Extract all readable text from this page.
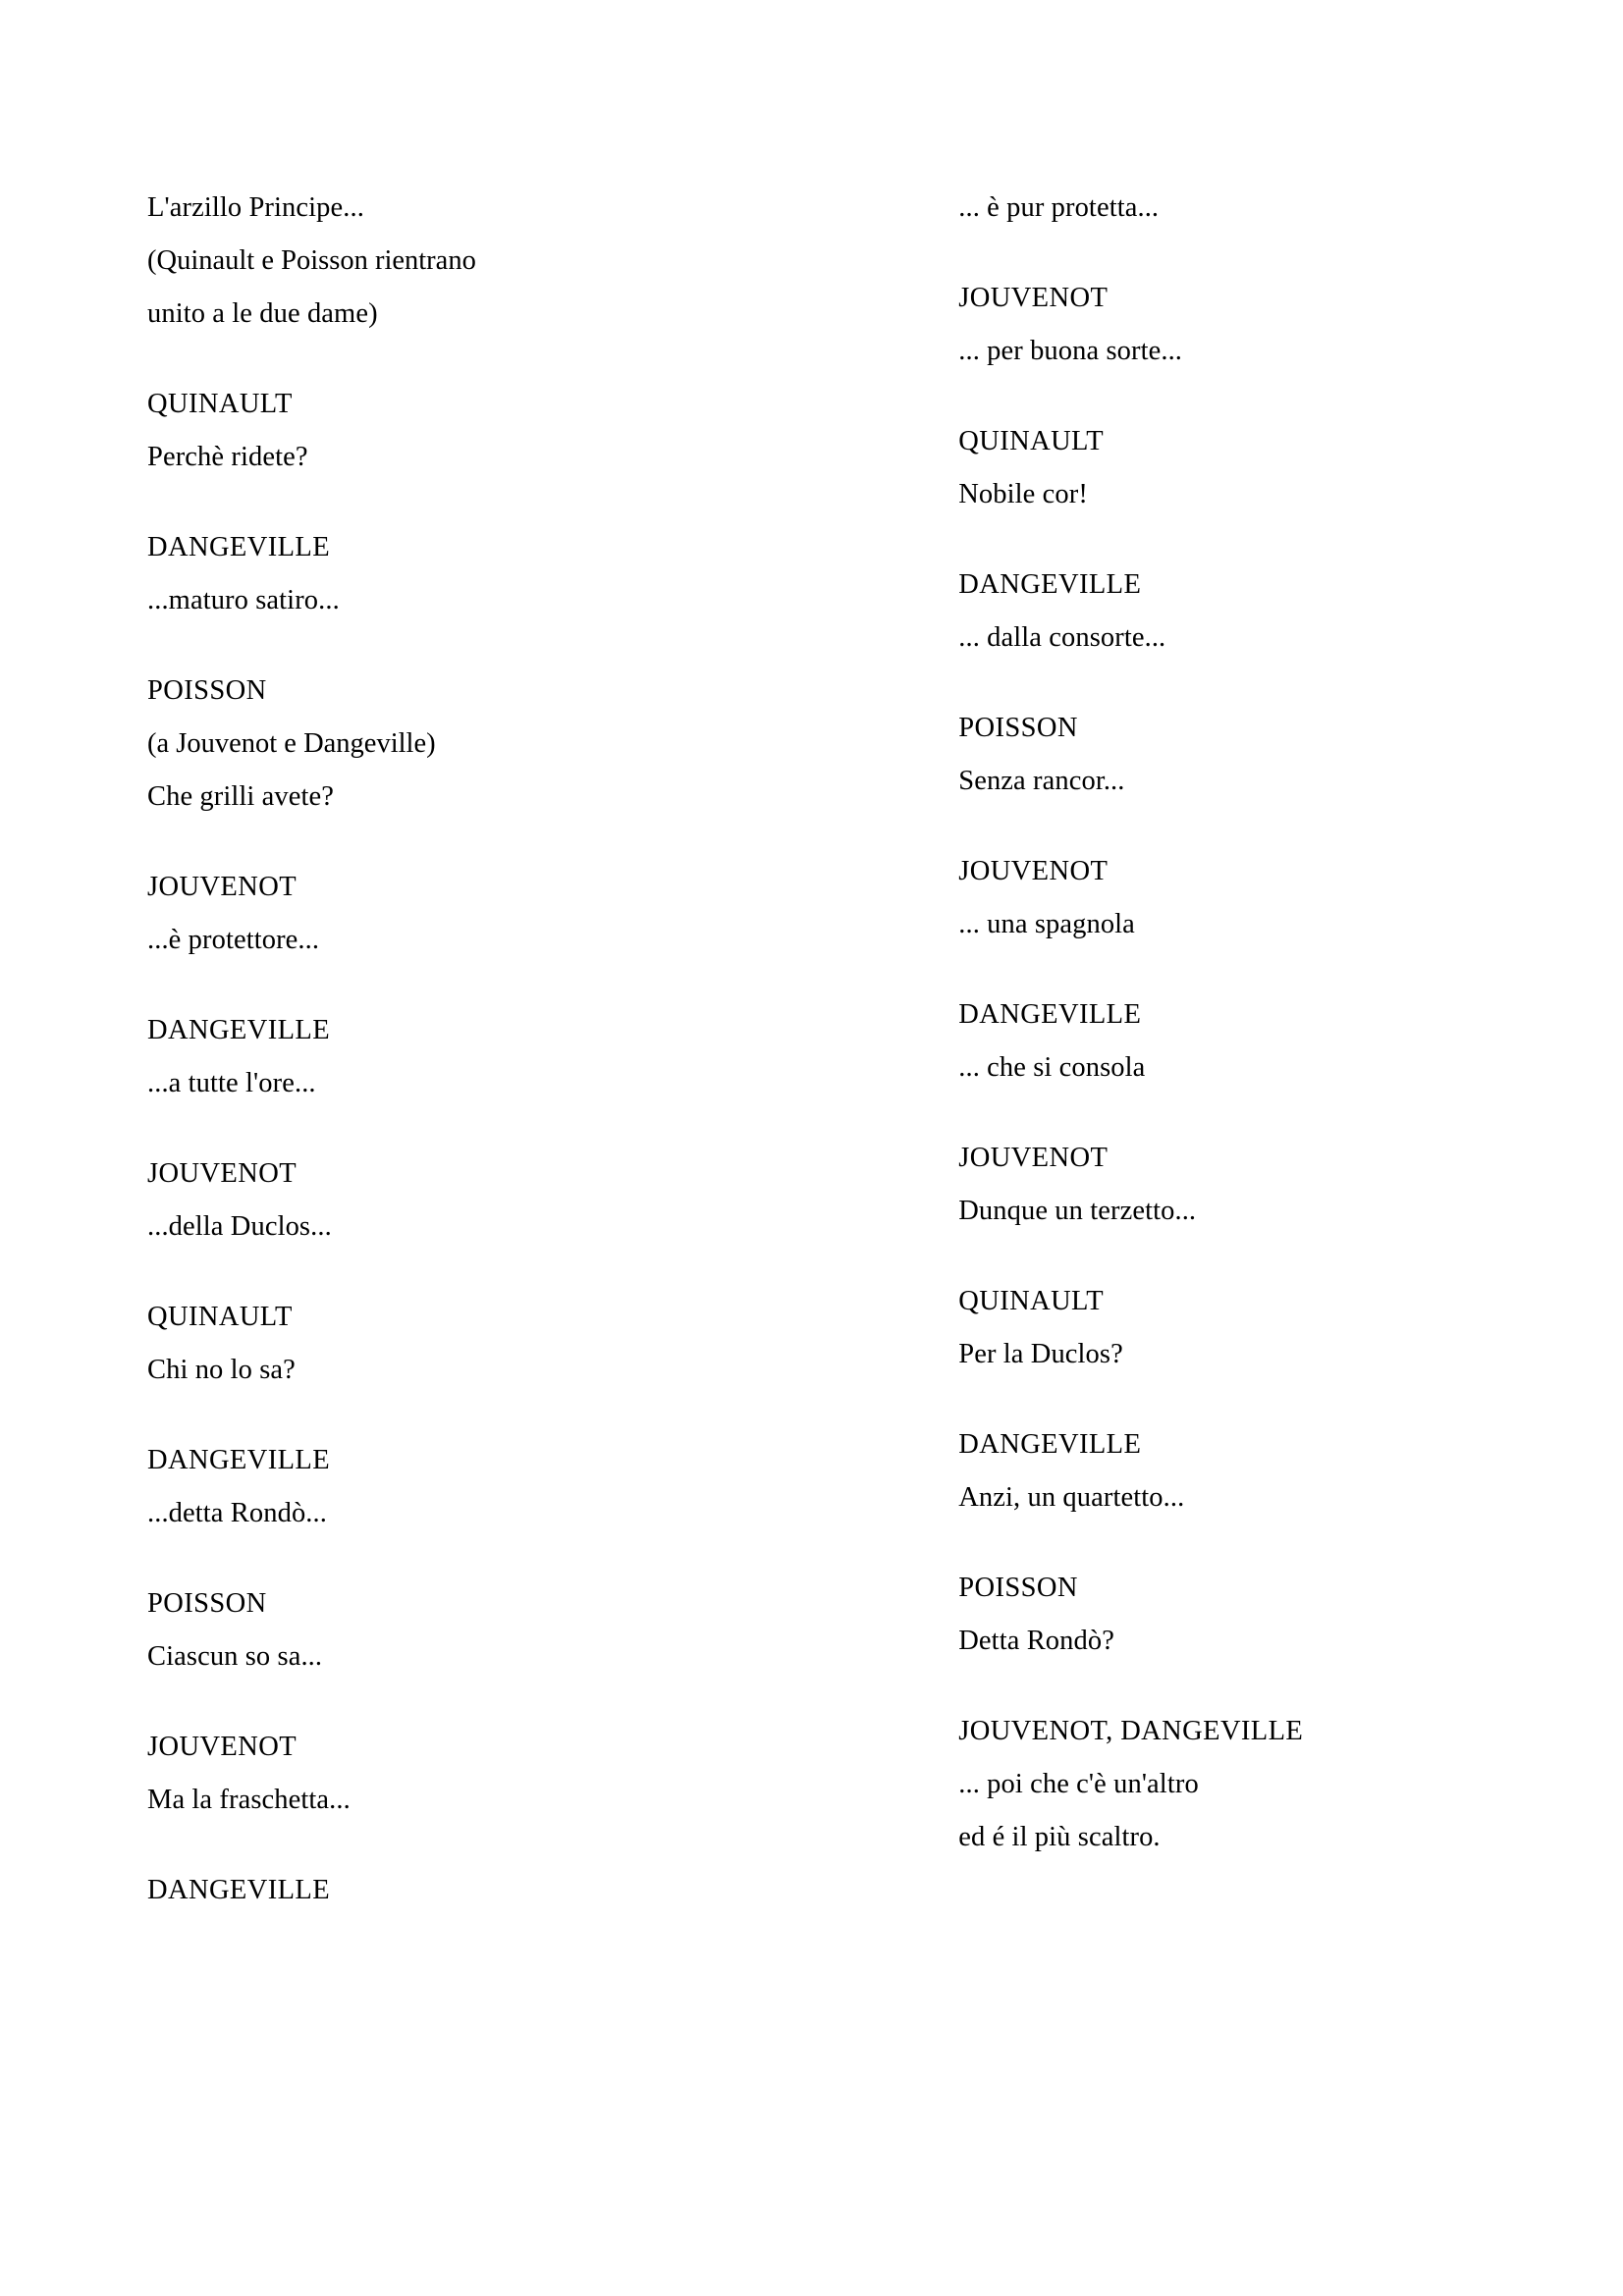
L'arzillo Principe...
(Quinault e Poisson rientrano
unito a le due dame)
QUINAULT
Perchè ridete?
DANGEVILLE
...maturo satiro...
POISSON
(a Jouvenot e Dangeville)
Che grilli avete?
JOUVENOT
...è protettore...
DANGEVILLE
...a tutte l'ore...
JOUVENOT
...della Duclos...
QUINAULT
Chi no lo sa?
DANGEVILLE
...detta Rondò...
POISSON
Ciascun so sa...
JOUVENOT
Ma la fraschetta...
DANGEVILLE
... è pur protetta...
JOUVENOT
... per buona sorte...
QUINAULT
Nobile cor!
DANGEVILLE
... dalla consorte...
POISSON
Senza rancor...
JOUVENOT
... una spagnola
DANGEVILLE
... che si consola
JOUVENOT
Dunque un terzetto...
QUINAULT
Per la Duclos?
DANGEVILLE
Anzi, un quartetto...
POISSON
Detta Rondò?
JOUVENOT, DANGEVILLE
... poi che c'è un'altro
ed é il più scaltro.
